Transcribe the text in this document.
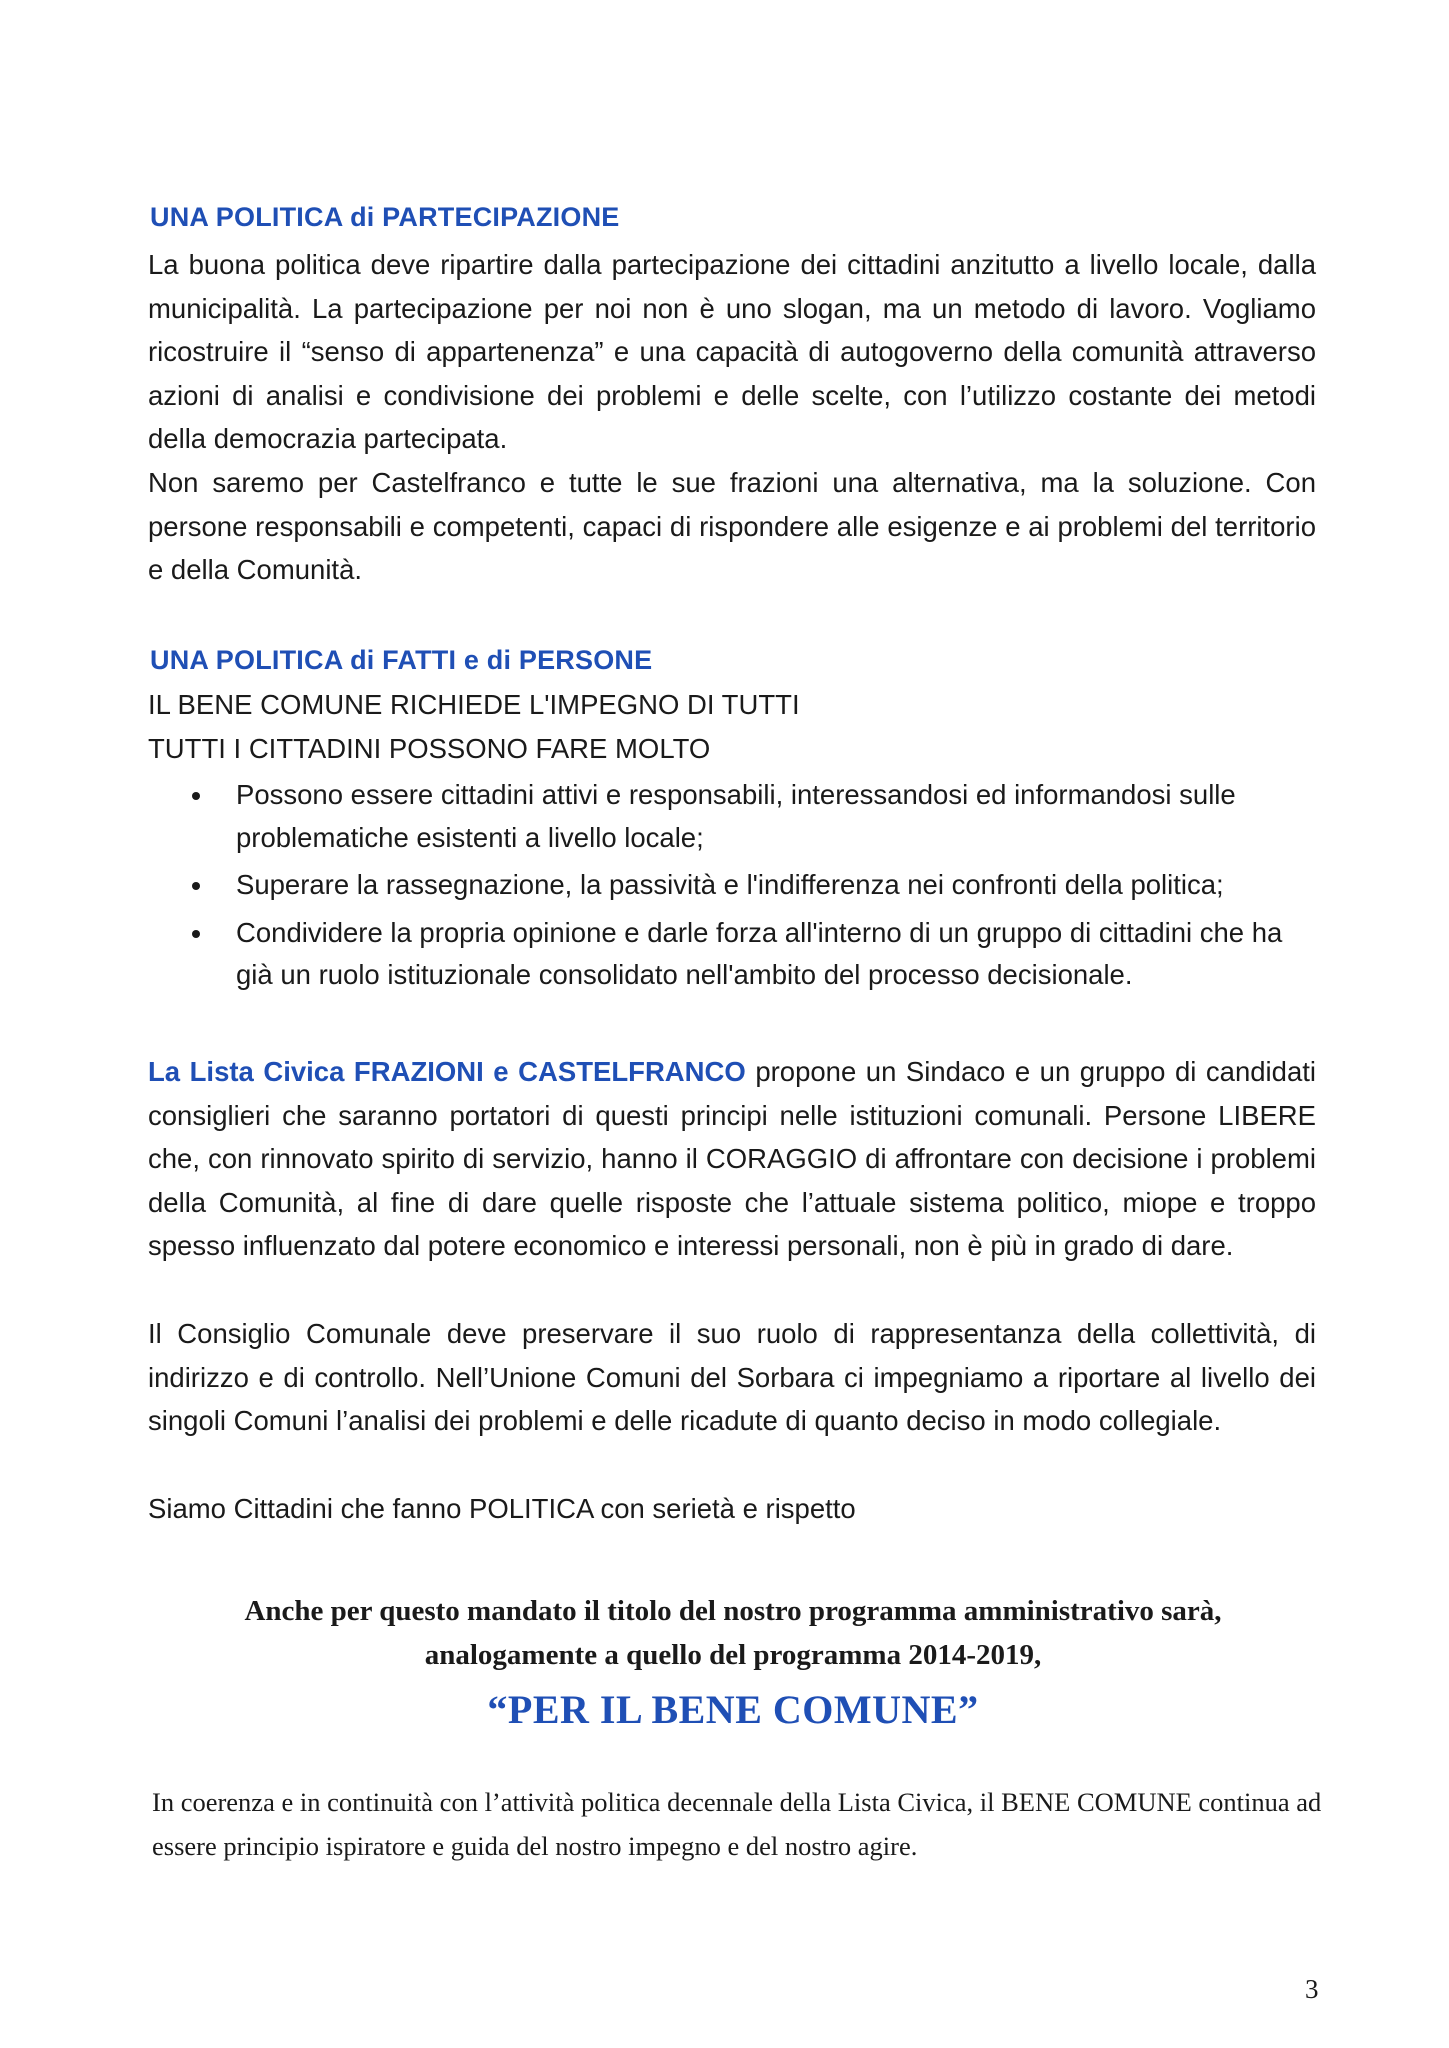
UNA POLITICA di PARTECIPAZIONE

La buona politica deve ripartire dalla partecipazione dei cittadini anzitutto a livello locale, dalla municipalità. La partecipazione per noi non è uno slogan, ma un metodo di lavoro. Vogliamo ricostruire il “senso di appartenenza” e una capacità di autogoverno della comunità attraverso azioni di analisi e condivisione dei problemi e delle scelte, con l’utilizzo costante dei metodi della democrazia partecipata.

Non saremo per Castelfranco e tutte le sue frazioni una alternativa, ma la soluzione. Con persone responsabili e competenti, capaci di rispondere alle esigenze e ai problemi del territorio e della Comunità.

UNA POLITICA di FATTI e di PERSONE

IL BENE COMUNE RICHIEDE L'IMPEGNO DI TUTTI

TUTTI I CITTADINI POSSONO FARE MOLTO

Possono essere cittadini attivi e responsabili, interessandosi ed informandosi sulle problematiche esistenti a livello locale;
Superare la rassegnazione, la passività e l'indifferenza nei confronti della politica;
Condividere la propria opinione e darle forza all'interno di un gruppo di cittadini che ha già un ruolo istituzionale consolidato nell'ambito del processo decisionale.

La Lista Civica FRAZIONI e CASTELFRANCO propone un Sindaco e un gruppo di candidati consiglieri che saranno portatori di questi principi nelle istituzioni comunali. Persone LIBERE che, con rinnovato spirito di servizio, hanno il CORAGGIO di affrontare con decisione i problemi della Comunità, al fine di dare quelle risposte che l’attuale sistema politico, miope e troppo spesso influenzato dal potere economico e interessi personali, non è più in grado di dare.

Il Consiglio Comunale deve preservare il suo ruolo di rappresentanza della collettività, di indirizzo e di controllo. Nell’Unione Comuni del Sorbara ci impegniamo a riportare al livello dei singoli Comuni l’analisi dei problemi e delle ricadute di quanto deciso in modo collegiale.

Siamo Cittadini che fanno POLITICA con serietà e rispetto

Anche per questo mandato il titolo del nostro programma amministrativo sarà,

analogamente a quello del programma 2014-2019,

“PER IL BENE COMUNE”

In coerenza e in continuità con l’attività politica decennale della Lista Civica, il BENE COMUNE continua ad essere principio ispiratore e guida del nostro impegno e del nostro agire.

3
